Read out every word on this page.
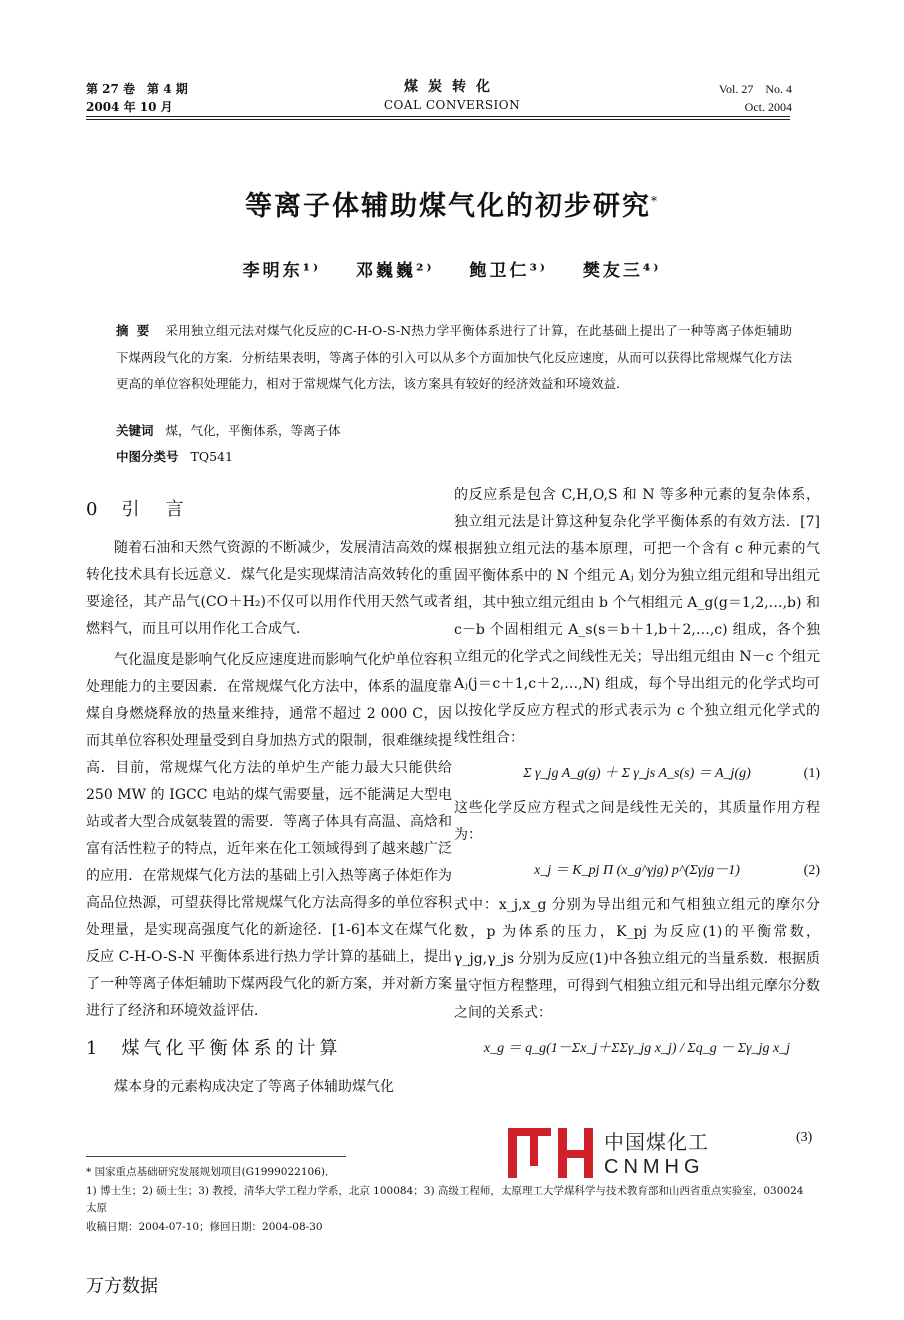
第 27 卷　第 4 期
2004 年 10 月
煤炭转化
COAL CONVERSION
Vol. 27　No. 4
Oct. 2004
等离子体辅助煤气化的初步研究*
李明东¹⁾ 邓巍巍²⁾ 鲍卫仁³⁾ 樊友三⁴⁾
摘要 采用独立组元法对煤气化反应的C-H-O-S-N热力学平衡体系进行了计算，在此基础上提出了一种等离子体炬辅助下煤两段气化的方案．分析结果表明，等离子体的引入可以从多个方面加快气化反应速度，从而可以获得比常规煤气化方法更高的单位容积处理能力，相对于常规煤气化方法，该方案具有较好的经济效益和环境效益．
关键词 煤，气化，平衡体系，等离子体
中图分类号 TQ541
0 引　言

随着石油和天然气资源的不断减少，发展清洁高效的煤转化技术具有长远意义．煤气化是实现煤清洁高效转化的重要途径，其产品气(CO＋H₂)不仅可以用作代用天然气或者燃料气，而且可以用作化工合成气．

气化温度是影响气化反应速度进而影响气化炉单位容积处理能力的主要因素．在常规煤气化方法中，体系的温度靠煤自身燃烧释放的热量来维持，通常不超过 2 000 C，因而其单位容积处理量受到自身加热方式的限制，很难继续提高．目前，常规煤气化方法的单炉生产能力最大只能供给 250 MW 的 IGCC 电站的煤气需要量，远不能满足大型电站或者大型合成氨装置的需要．等离子体具有高温、高焓和富有活性粒子的特点，近年来在化工领域得到了越来越广泛的应用．在常规煤气化方法的基础上引入热等离子体炬作为高品位热源，可望获得比常规煤气化方法高得多的单位容积处理量，是实现高强度气化的新途径．[1-6]本文在煤气化反应 C-H-O-S-N 平衡体系进行热力学计算的基础上，提出了一种等离子体炬辅助下煤两段气化的新方案，并对新方案进行了经济和环境效益评估．

1 煤气化平衡体系的计算

煤本身的元素构成决定了等离子体辅助煤气化

的反应系是包含 C,H,O,S 和 N 等多种元素的复杂体系，独立组元法是计算这种复杂化学平衡体系的有效方法．[7]根据独立组元法的基本原理，可把一个含有 c 种元素的气固平衡体系中的 N 个组元 Aⱼ 划分为独立组元组和导出组元组，其中独立组元组由 b 个气相组元 A_g(g＝1,2,…,b) 和 c－b 个固相组元 A_s(s＝b＋1,b＋2,…,c) 组成，各个独立组元的化学式之间线性无关；导出组元组由 N－c 个组元 Aⱼ(j＝c＋1,c＋2,…,N) 组成，每个导出组元的化学式均可以按化学反应方程式的形式表示为 c 个独立组元化学式的线性组合：

Σ γ_jg A_g(g) ＋ Σ γ_js A_s(s) ＝ A_j(g)	(1)

这些化学反应方程式之间是线性无关的，其质量作用方程为：

x_j ＝ K_pj Π (x_g^γjg) p^(Σγjg－1)	(2)

式中：x_j,x_g 分别为导出组元和气相独立组元的摩尔分数，p 为体系的压力，K_pj 为反应(1)的平衡常数，γ_jg,γ_js 分别为反应(1)中各独立组元的当量系数．根据质量守恒方程整理，可得到气相独立组元和导出组元摩尔分数之间的关系式：

x_g ＝ q_g(1－Σx_j＋ΣΣγ_jg x_j) / Σq_g － Σγ_jg x_j
中国煤化工
CNMHG
(3)
* 国家重点基础研究发展规划项目(G1999022106)．
1) 博士生；2) 硕士生；3) 教授，清华大学工程力学系，北京 100084；3) 高级工程师，太原理工大学煤科学与技术教育部和山西省重点实验室，030024 太原
收稿日期：2004-07-10；修回日期：2004-08-30
万方数据
